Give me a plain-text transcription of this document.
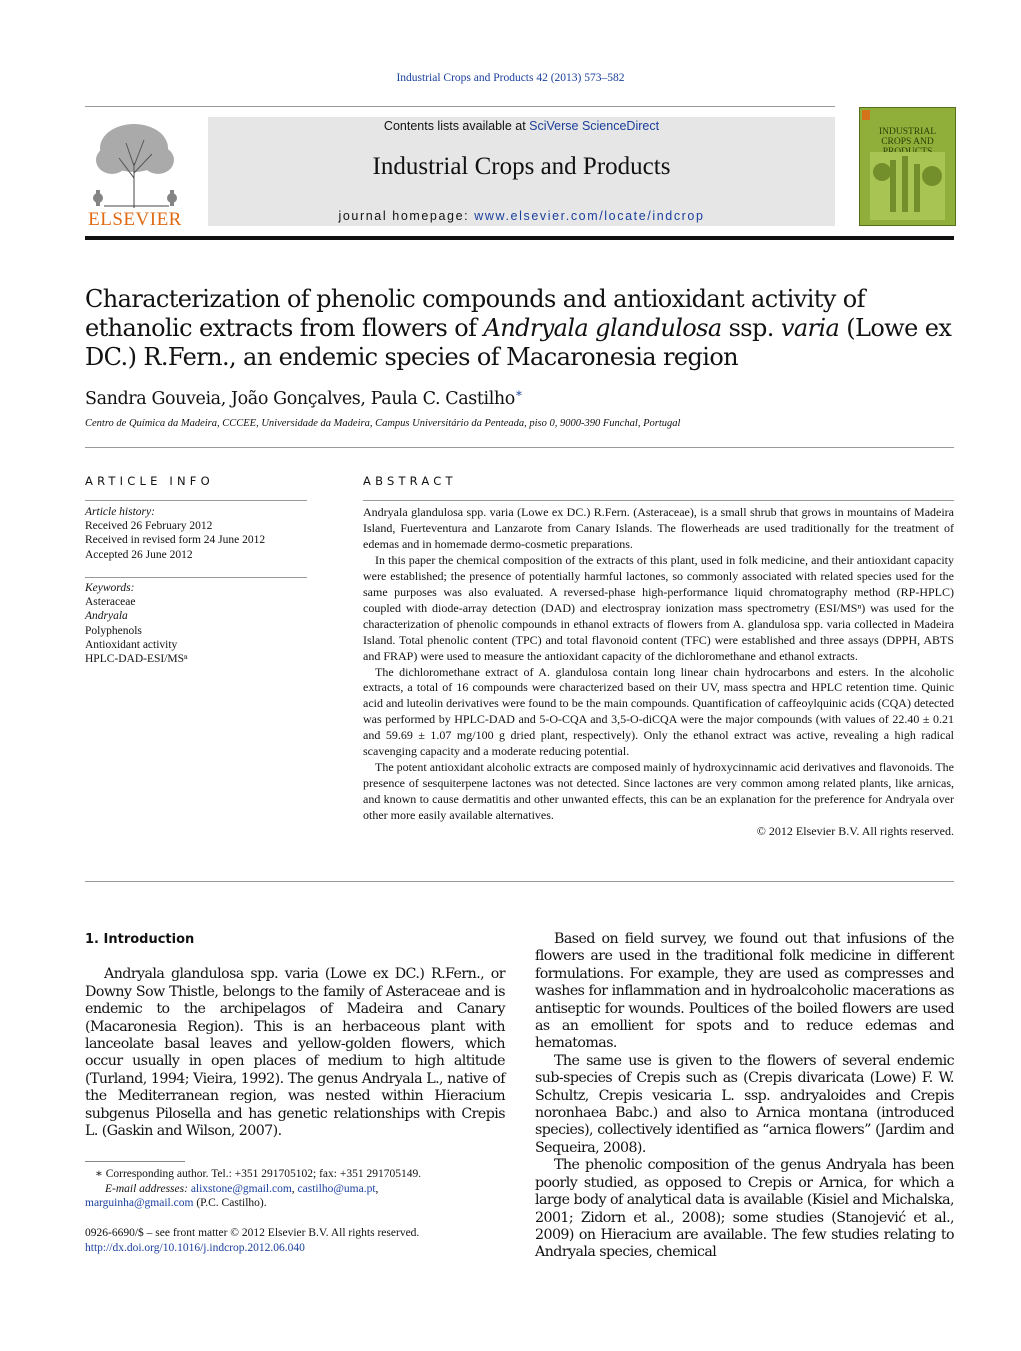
Industrial Crops and Products 42 (2013) 573–582
ELSEVIER
Contents lists available at SciVerse ScienceDirect
Industrial Crops and Products
journal homepage: www.elsevier.com/locate/indcrop
INDUSTRIAL CROPS AND
Characterization of phenolic compounds and antioxidant activity of ethanolic extracts from flowers of Andryala glandulosa ssp. varia (Lowe ex DC.) R.Fern., an endemic species of Macaronesia region
Sandra Gouveia, João Gonçalves, Paula C. Castilho∗
Centro de Química da Madeira, CCCEE, Universidade da Madeira, Campus Universitário da Penteada, piso 0, 9000-390 Funchal, Portugal
ARTICLE INFO
Article history:
Received 26 February 2012
Received in revised form 24 June 2012
Accepted 26 June 2012
Keywords:
Asteraceae
Andryala
Polyphenols
Antioxidant activity
HPLC-DAD-ESI/MSⁿ
ABSTRACT

Andryala glandulosa spp. varia (Lowe ex DC.) R.Fern. (Asteraceae), is a small shrub that grows in mountains of Madeira Island, Fuerteventura and Lanzarote from Canary Islands. The flowerheads are used traditionally for the treatment of edemas and in homemade dermo-cosmetic preparations.

In this paper the chemical composition of the extracts of this plant, used in folk medicine, and their antioxidant capacity were established; the presence of potentially harmful lactones, so commonly associated with related species used for the same purposes was also evaluated. A reversed-phase high-performance liquid chromatography method (RP-HPLC) coupled with diode-array detection (DAD) and electrospray ionization mass spectrometry (ESI/MSⁿ) was used for the characterization of phenolic compounds in ethanol extracts of flowers from A. glandulosa spp. varia collected in Madeira Island. Total phenolic content (TPC) and total flavonoid content (TFC) were established and three assays (DPPH, ABTS and FRAP) were used to measure the antioxidant capacity of the dichloromethane and ethanol extracts.

The dichloromethane extract of A. glandulosa contain long linear chain hydrocarbons and esters. In the alcoholic extracts, a total of 16 compounds were characterized based on their UV, mass spectra and HPLC retention time. Quinic acid and luteolin derivatives were found to be the main compounds. Quantification of caffeoylquinic acids (CQA) detected was performed by HPLC-DAD and 5-O-CQA and 3,5-O-diCQA were the major compounds (with values of 22.40 ± 0.21 and 59.69 ± 1.07 mg/100 g dried plant, respectively). Only the ethanol extract was active, revealing a high radical scavenging capacity and a moderate reducing potential.

The potent antioxidant alcoholic extracts are composed mainly of hydroxycinnamic acid derivatives and flavonoids. The presence of sesquiterpene lactones was not detected. Since lactones are very common among related plants, like arnicas, and known to cause dermatitis and other unwanted effects, this can be an explanation for the preference for Andryala over other more easily available alternatives.

© 2012 Elsevier B.V. All rights reserved.
1. Introduction

Andryala glandulosa spp. varia (Lowe ex DC.) R.Fern., or Downy Sow Thistle, belongs to the family of Asteraceae and is endemic to the archipelagos of Madeira and Canary (Macaronesia Region). This is an herbaceous plant with lanceolate basal leaves and yellow-golden flowers, which occur usually in open places of medium to high altitude (Turland, 1994; Vieira, 1992). The genus Andryala L., native of the Mediterranean region, was nested within Hieracium subgenus Pilosella and has genetic relationships with Crepis L. (Gaskin and Wilson, 2007).

Based on field survey, we found out that infusions of the flowers are used in the traditional folk medicine in different formulations. For example, they are used as compresses and washes for inflammation and in hydroalcoholic macerations as antiseptic for wounds. Poultices of the boiled flowers are used as an emollient for spots and to reduce edemas and hematomas.

The same use is given to the flowers of several endemic sub-species of Crepis such as (Crepis divaricata (Lowe) F. W. Schultz, Crepis vesicaria L. ssp. andryaloides and Crepis noronhaea Babc.) and also to Arnica montana (introduced species), collectively identified as “arnica flowers” (Jardim and Sequeira, 2008).

The phenolic composition of the genus Andryala has been poorly studied, as opposed to Crepis or Arnica, for which a large body of analytical data is available (Kisiel and Michalska, 2001; Zidorn et al., 2008); some studies (Stanojević et al., 2009) on Hieracium are available. The few studies relating to Andryala species, chemical

∗ Corresponding author. Tel.: +351 291705102; fax: +351 291705149.
E-mail addresses: alixstone@gmail.com, castilho@uma.pt,
marguinha@gmail.com (P.C. Castilho).
0926-6690/$ – see front matter © 2012 Elsevier B.V. All rights reserved.
http://dx.doi.org/10.1016/j.indcrop.2012.06.040
